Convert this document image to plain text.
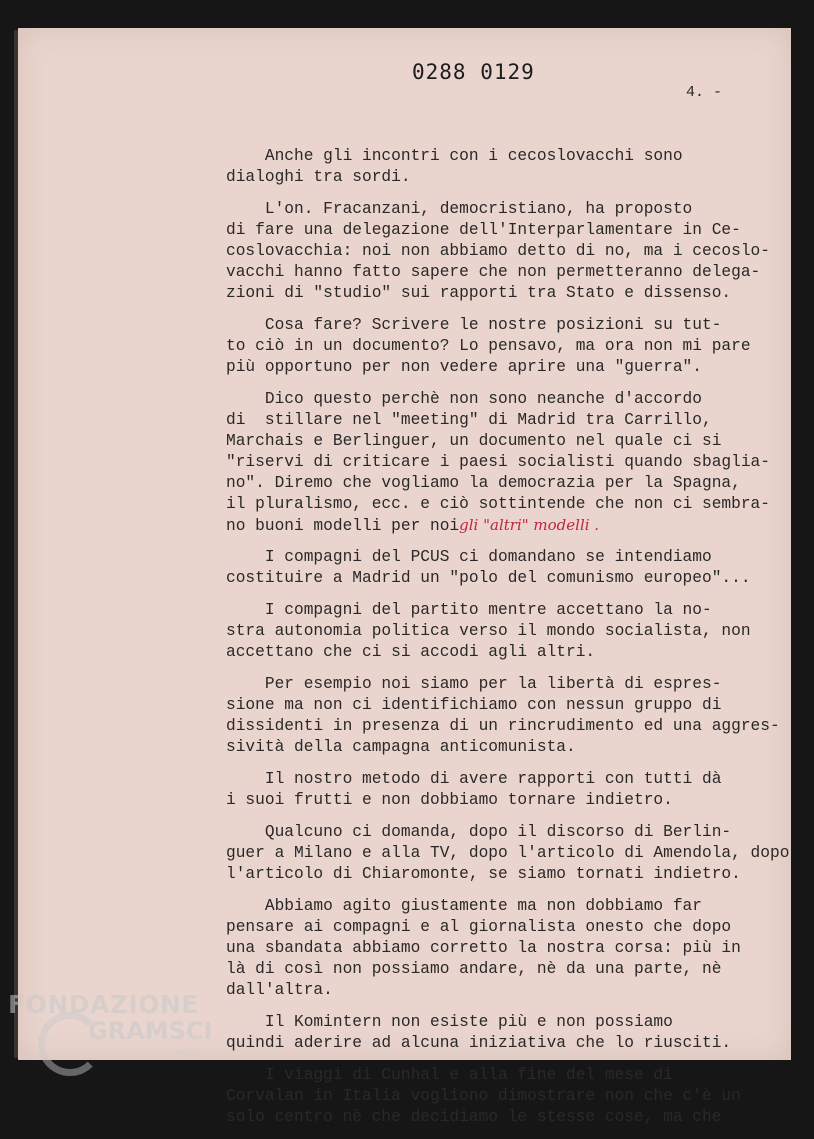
0288 0129
4. -
Anche gli incontri con i cecoslovacchi sono
dialoghi tra sordi.
L'on. Fracanzani, democristiano, ha proposto
di fare una delegazione dell'Interparlamentare in Ce-
coslovacchia: noi non abbiamo detto di no, ma i cecoslo-
vacchi hanno fatto sapere che non permetteranno delega-
zioni di "studio" sui rapporti tra Stato e dissenso.
Cosa fare? Scrivere le nostre posizioni su tut-
to ciò in un documento? Lo pensavo, ma ora non mi pare
più opportuno per non vedere aprire una "guerra".
Dico questo perchè non sono neanche d'accordo
di  stillare nel "meeting" di Madrid tra Carrillo,
Marchais e Berlinguer, un documento nel quale ci si
"riservi di criticare i paesi socialisti quando sbaglia-
no". Diremo che vogliamo la democrazia per la Spagna,
il pluralismo, ecc. e ciò sottintende che non ci sembra-
no buoni modelli per noigli "altri" modelli .
I compagni del PCUS ci domandano se intendiamo
costituire a Madrid un "polo del comunismo europeo"...
I compagni del partito mentre accettano la no-
stra autonomia politica verso il mondo socialista, non
accettano che ci si accodi agli altri.
Per esempio noi siamo per la libertà di espres-
sione ma non ci identifichiamo con nessun gruppo di
dissidenti in presenza di un rincrudimento ed una aggres-
sività della campagna anticomunista.
Il nostro metodo di avere rapporti con tutti dà
i suoi frutti e non dobbiamo tornare indietro.
Qualcuno ci domanda, dopo il discorso di Berlin-
guer a Milano e alla TV, dopo l'articolo di Amendola, dopo
l'articolo di Chiaromonte, se siamo tornati indietro.
Abbiamo agito giustamente ma non dobbiamo far
pensare ai compagni e al giornalista onesto che dopo
una sbandata abbiamo corretto la nostra corsa: più in
là di così non possiamo andare, nè da una parte, nè
dall'altra.
Il Komintern non esiste più e non possiamo
quindi aderire ad alcuna iniziativa che lo riusciti.
I viaggi di Cunhal e alla fine del mese di
Corvalan in Italia vogliono dimostrare non che c'è un
solo centro nè che decidiamo le stesse cose, ma che
FONDAZIONE
GRAMSCI
onlus
